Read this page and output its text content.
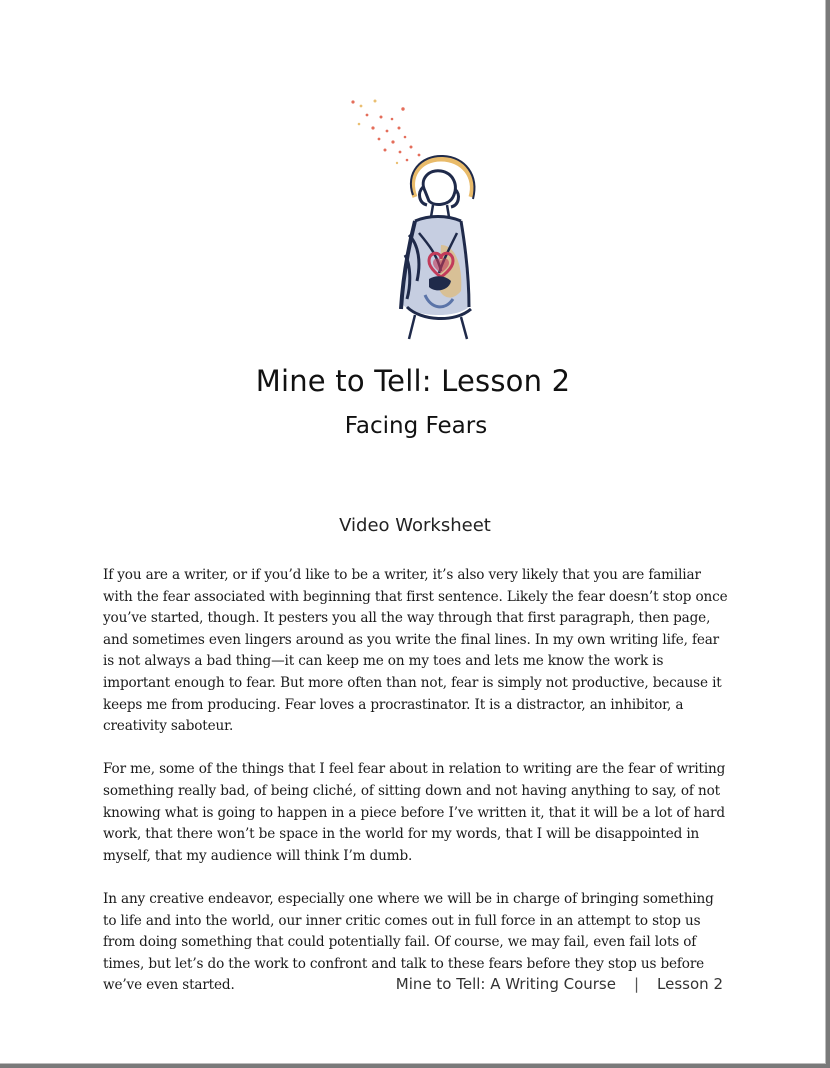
Mine to Tell: Lesson 2
Facing Fears
Video Worksheet

If you are a writer, or if you’d like to be a writer, it’s also very likely that you are familiar with the fear associated with beginning that first sentence. Likely the fear doesn’t stop once you’ve started, though. It pesters you all the way through that first paragraph, then page, and sometimes even lingers around as you write the final lines. In my own writing life, fear is not always a bad thing—it can keep me on my toes and lets me know the work is important enough to fear. But more often than not, fear is simply not productive, because it keeps me from producing. Fear loves a procrastinator. It is a distractor, an inhibitor, a creativity saboteur.

For me, some of the things that I feel fear about in relation to writing are the fear of writing something really bad, of being cliché, of sitting down and not having anything to say, of not knowing what is going to happen in a piece before I’ve written it, that it will be a lot of hard work, that there won’t be space in the world for my words, that I will be disappointed in myself, that my audience will think I’m dumb.

In any creative endeavor, especially one where we will be in charge of bringing something to life and into the world, our inner critic comes out in full force in an attempt to stop us from doing something that could potentially fail. Of course, we may fail, even fail lots of times, but let’s do the work to confront and talk to these fears before they stop us before we’ve even started.	Mine to Tell: A Writing Course | Lesson 2
